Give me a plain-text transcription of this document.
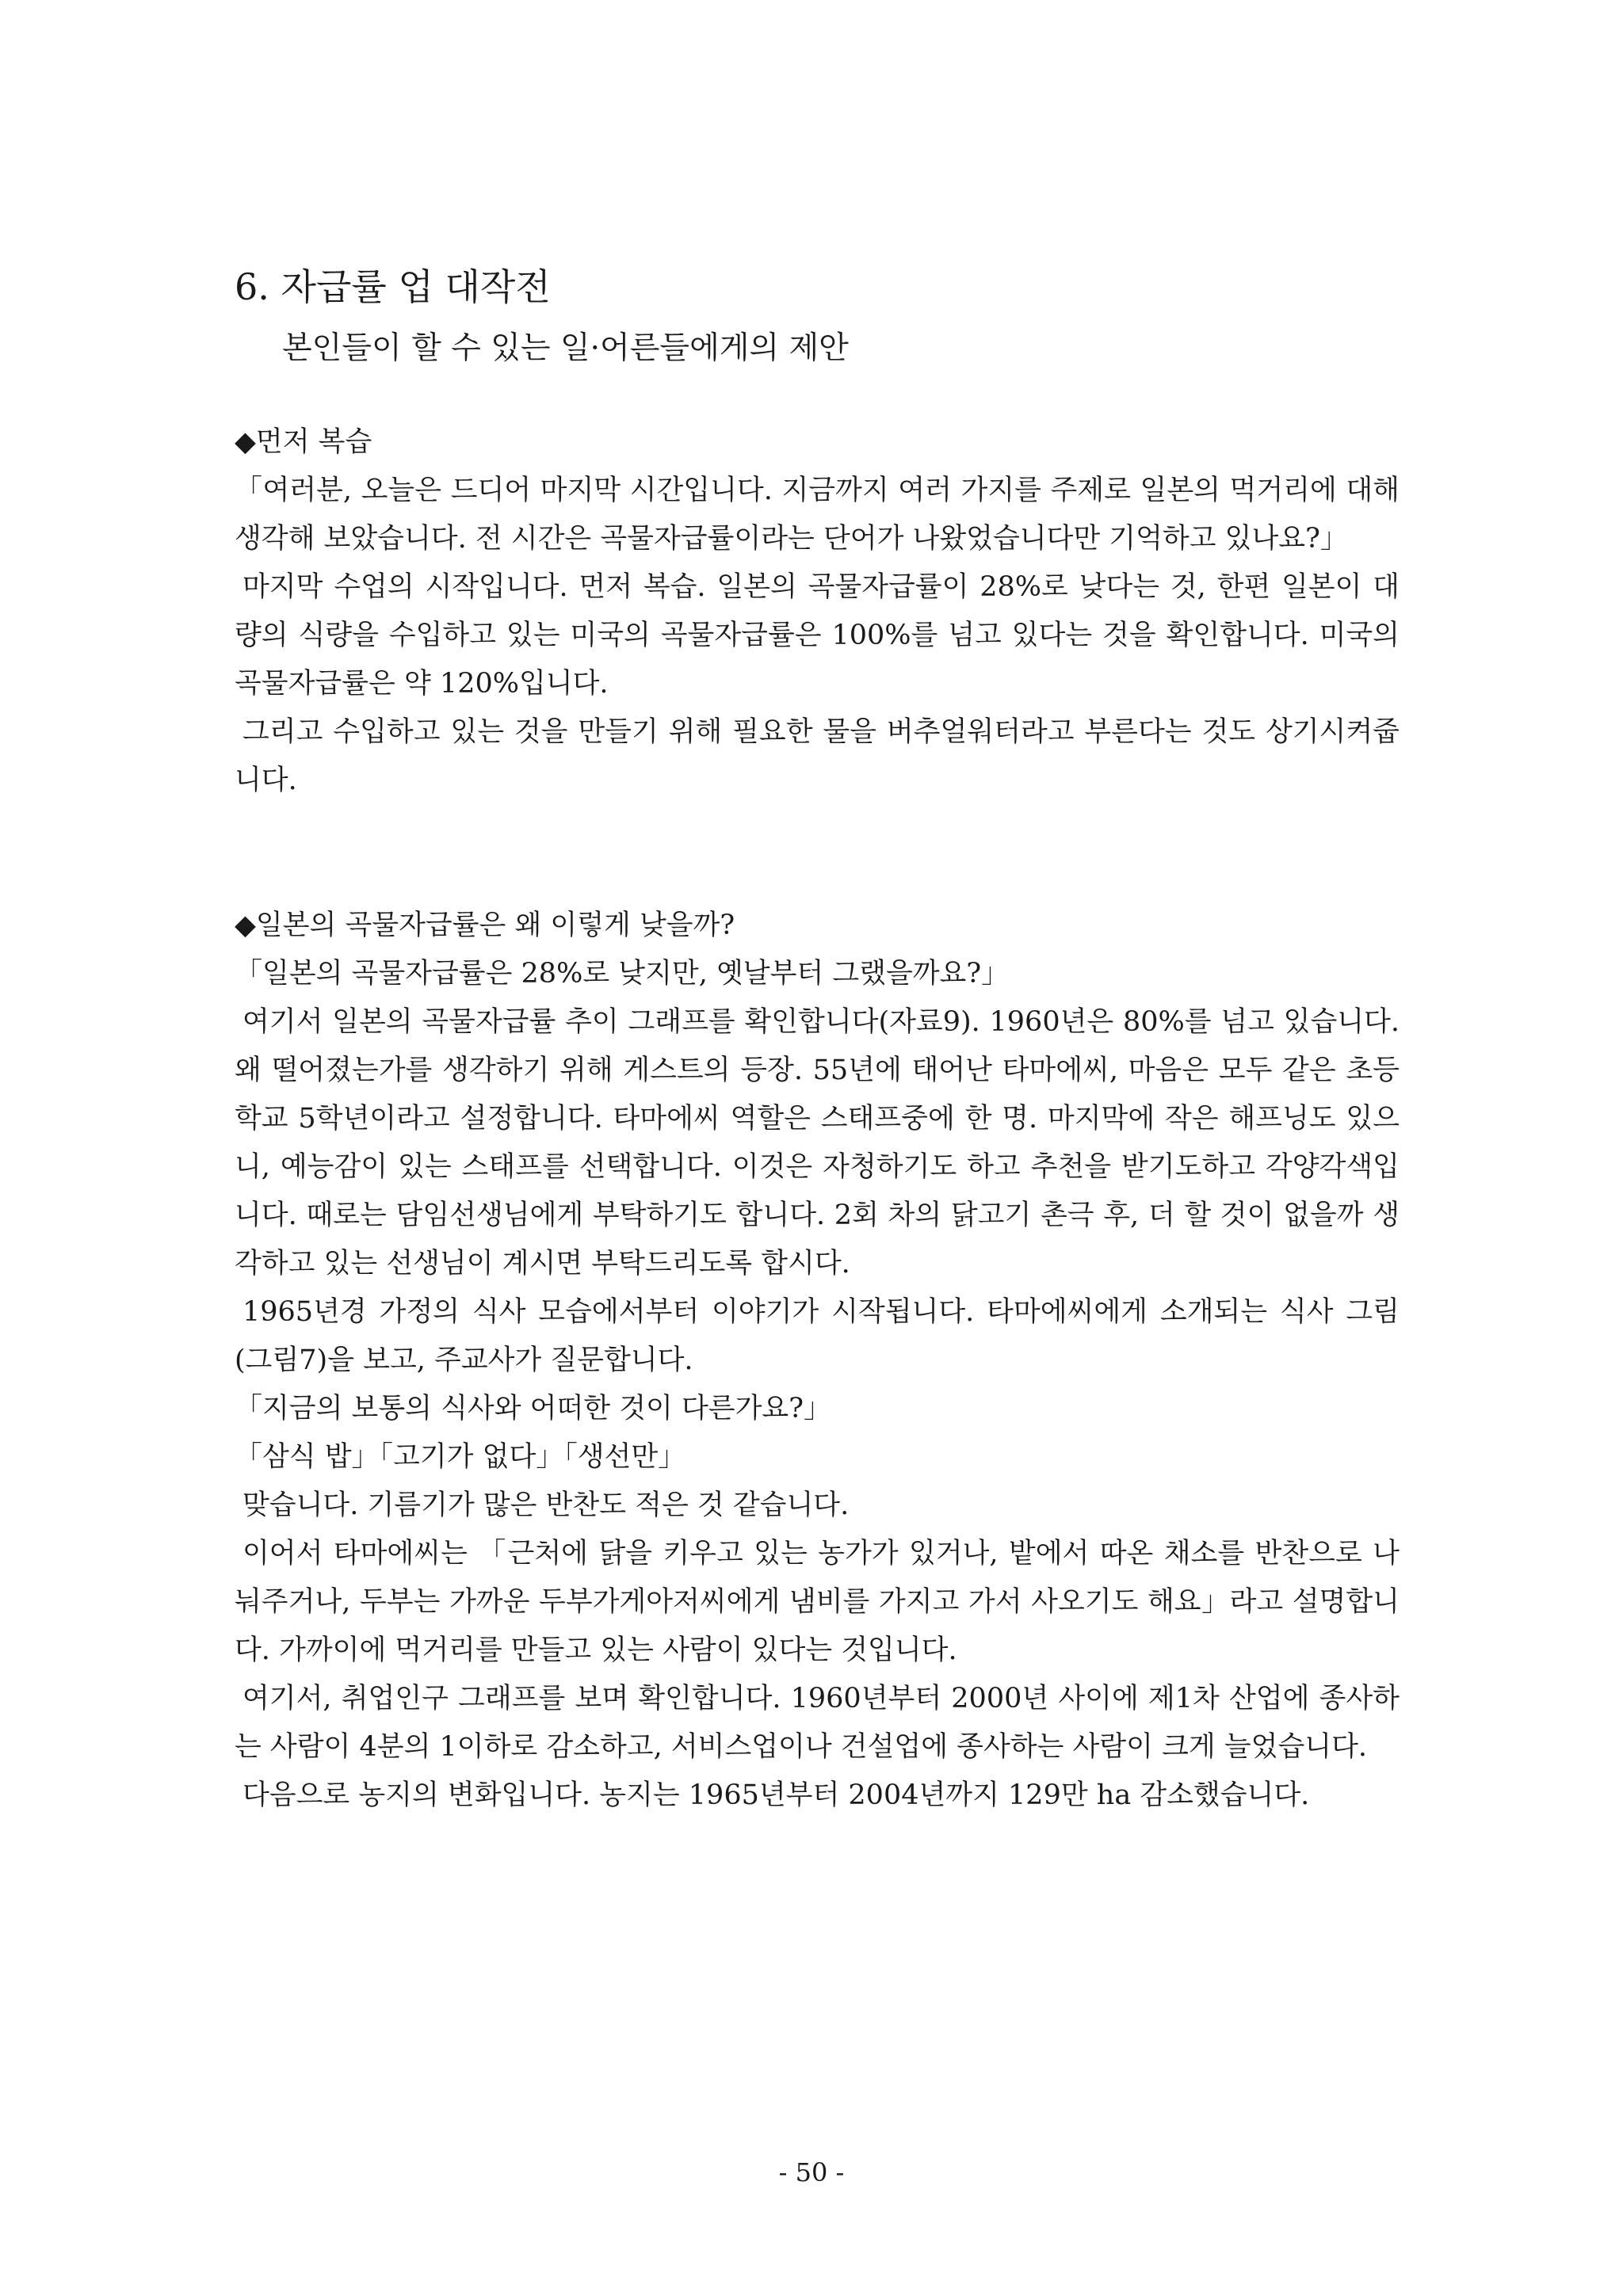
6. 자급률 업 대작전
본인들이 할 수 있는 일·어른들에게의 제안
◆먼저 복습

「여러분, 오늘은 드디어 마지막 시간입니다. 지금까지 여러 가지를 주제로 일본의 먹거리에 대해 생각해 보았습니다. 전 시간은 곡물자급률이라는 단어가 나왔었습니다만 기억하고 있나요?」

마지막 수업의 시작입니다. 먼저 복습. 일본의 곡물자급률이 28%로 낮다는 것, 한편 일본이 대량의 식량을 수입하고 있는 미국의 곡물자급률은 100%를 넘고 있다는 것을 확인합니다. 미국의 곡물자급률은 약 120%입니다.

그리고 수입하고 있는 것을 만들기 위해 필요한 물을 버추얼워터라고 부른다는 것도 상기시켜줍니다.

◆일본의 곡물자급률은 왜 이렇게 낮을까?

「일본의 곡물자급률은 28%로 낮지만, 옛날부터 그랬을까요?」

여기서 일본의 곡물자급률 추이 그래프를 확인합니다(자료9). 1960년은 80%를 넘고 있습니다. 왜 떨어졌는가를 생각하기 위해 게스트의 등장. 55년에 태어난 타마에씨, 마음은 모두 같은 초등학교 5학년이라고 설정합니다. 타마에씨 역할은 스태프중에 한 명. 마지막에 작은 해프닝도 있으니, 예능감이 있는 스태프를 선택합니다. 이것은 자청하기도 하고 추천을 받기도하고 각양각색입니다. 때로는 담임선생님에게 부탁하기도 합니다. 2회 차의 닭고기 촌극 후, 더 할 것이 없을까 생각하고 있는 선생님이 계시면 부탁드리도록 합시다.

1965년경 가정의 식사 모습에서부터 이야기가 시작됩니다. 타마에씨에게 소개되는 식사 그림(그림7)을 보고, 주교사가 질문합니다.

「지금의 보통의 식사와 어떠한 것이 다른가요?」

「삼식 밥」「고기가 없다」「생선만」

맞습니다. 기름기가 많은 반찬도 적은 것 같습니다.

이어서 타마에씨는 「근처에 닭을 키우고 있는 농가가 있거나, 밭에서 따온 채소를 반찬으로 나눠주거나, 두부는 가까운 두부가게아저씨에게 냄비를 가지고 가서 사오기도 해요」라고 설명합니다. 가까이에 먹거리를 만들고 있는 사람이 있다는 것입니다.

여기서, 취업인구 그래프를 보며 확인합니다. 1960년부터 2000년 사이에 제1차 산업에 종사하는 사람이 4분의 1이하로 감소하고, 서비스업이나 건설업에 종사하는 사람이 크게 늘었습니다.

다음으로 농지의 변화입니다. 농지는 1965년부터 2004년까지 129만 ha 감소했습니다.

- 50 -
